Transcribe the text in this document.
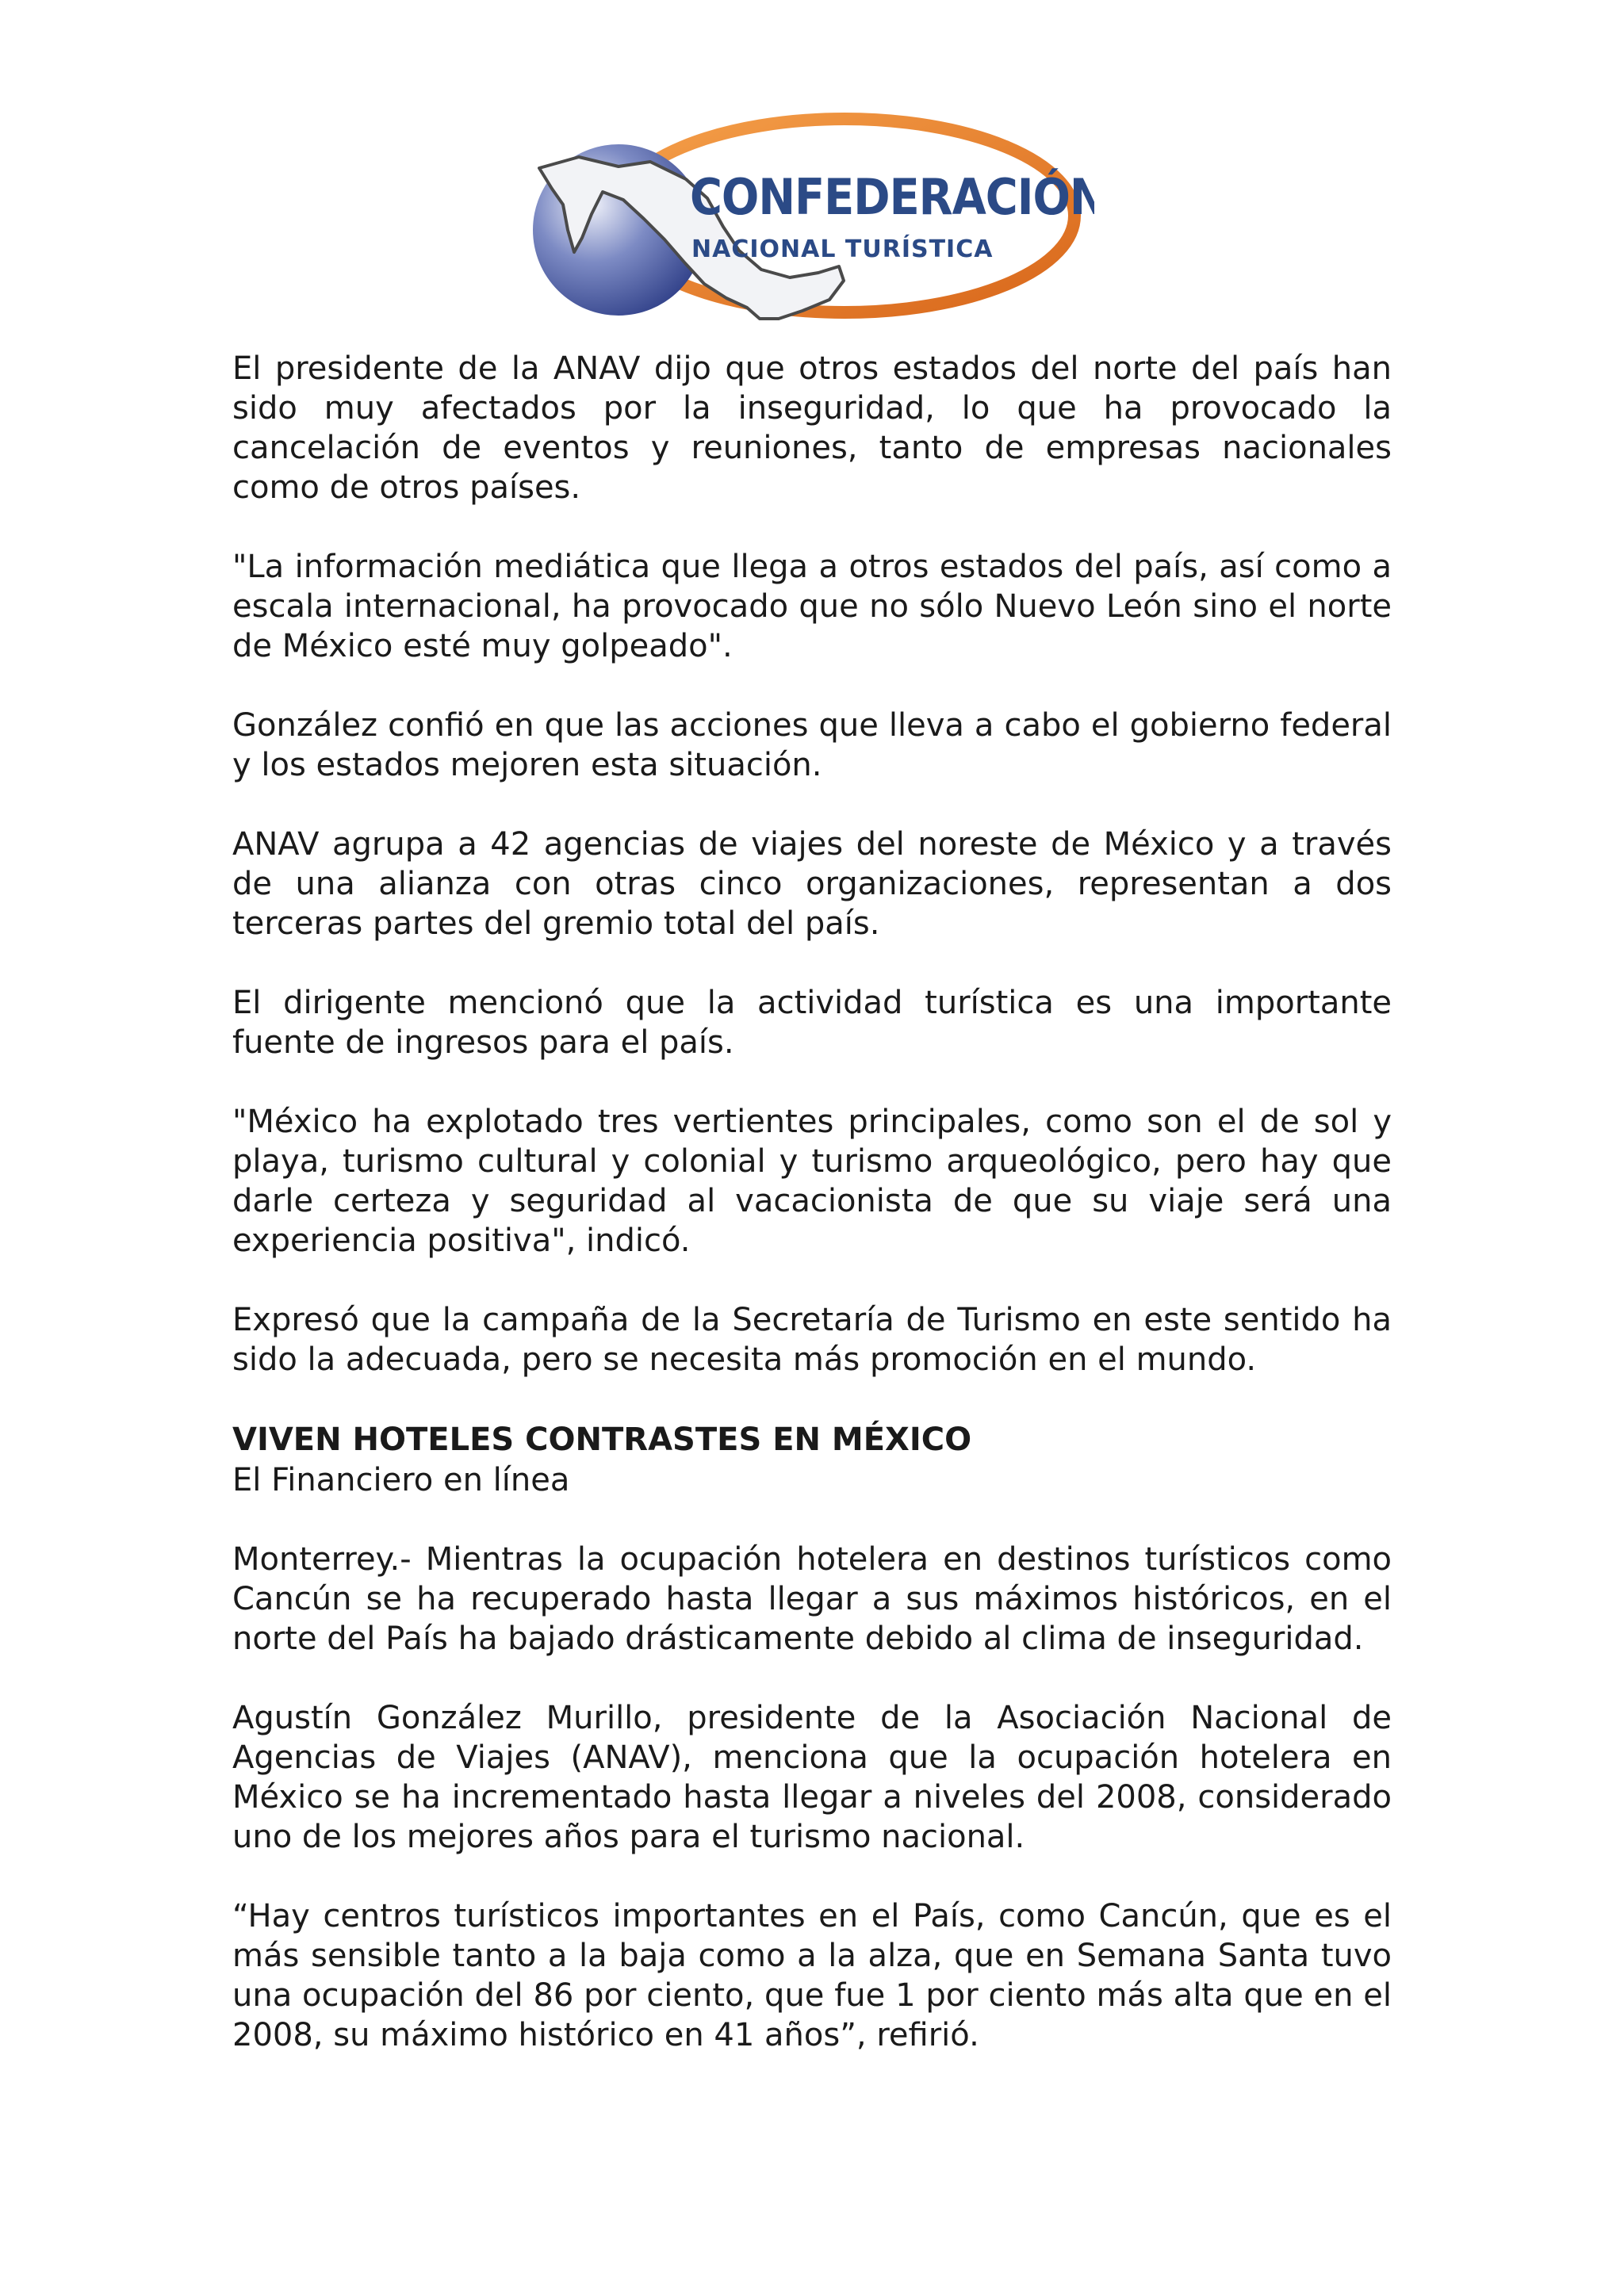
CONFEDERACIÓN
NACIONAL TURÍSTICA

El presidente de la ANAV dijo que otros estados del norte del país han sido muy afectados por la inseguridad, lo que ha provocado la cancelación de eventos y reuniones, tanto de empresas nacionales como de otros países.

"La información mediática que llega a otros estados del país, así como a escala internacional, ha provocado que no sólo Nuevo León sino el norte de México esté muy golpeado".

González confió en que las acciones que lleva a cabo el gobierno federal y los estados mejoren esta situación.

ANAV agrupa a 42 agencias de viajes del noreste de México y a través de una alianza con otras cinco organizaciones, representan a dos terceras partes del gremio total del país.

El dirigente mencionó que la actividad turística es una importante fuente de ingresos para el país.

"México ha explotado tres vertientes principales, como son el de sol y playa, turismo cultural y colonial y turismo arqueológico, pero hay que darle certeza y seguridad al vacacionista de que su viaje será una experiencia positiva", indicó.

Expresó que la campaña de la Secretaría de Turismo en este sentido ha sido la adecuada, pero se necesita más promoción en el mundo.

VIVEN HOTELES CONTRASTES EN MÉXICO

El Financiero en línea

Monterrey.- Mientras la ocupación hotelera en destinos turísticos como Cancún se ha recuperado hasta llegar a sus máximos históricos, en el norte del País ha bajado drásticamente debido al clima de inseguridad.

Agustín González Murillo, presidente de la Asociación Nacional de Agencias de Viajes (ANAV), menciona que la ocupación hotelera en México se ha incrementado hasta llegar a niveles del 2008, considerado uno de los mejores años para el turismo nacional.

“Hay centros turísticos importantes en el País, como Cancún, que es el más sensible tanto a la baja como a la alza, que en Semana Santa tuvo una ocupación del 86 por ciento, que fue 1 por ciento más alta que en el 2008, su máximo histórico en 41 años”, refirió.
